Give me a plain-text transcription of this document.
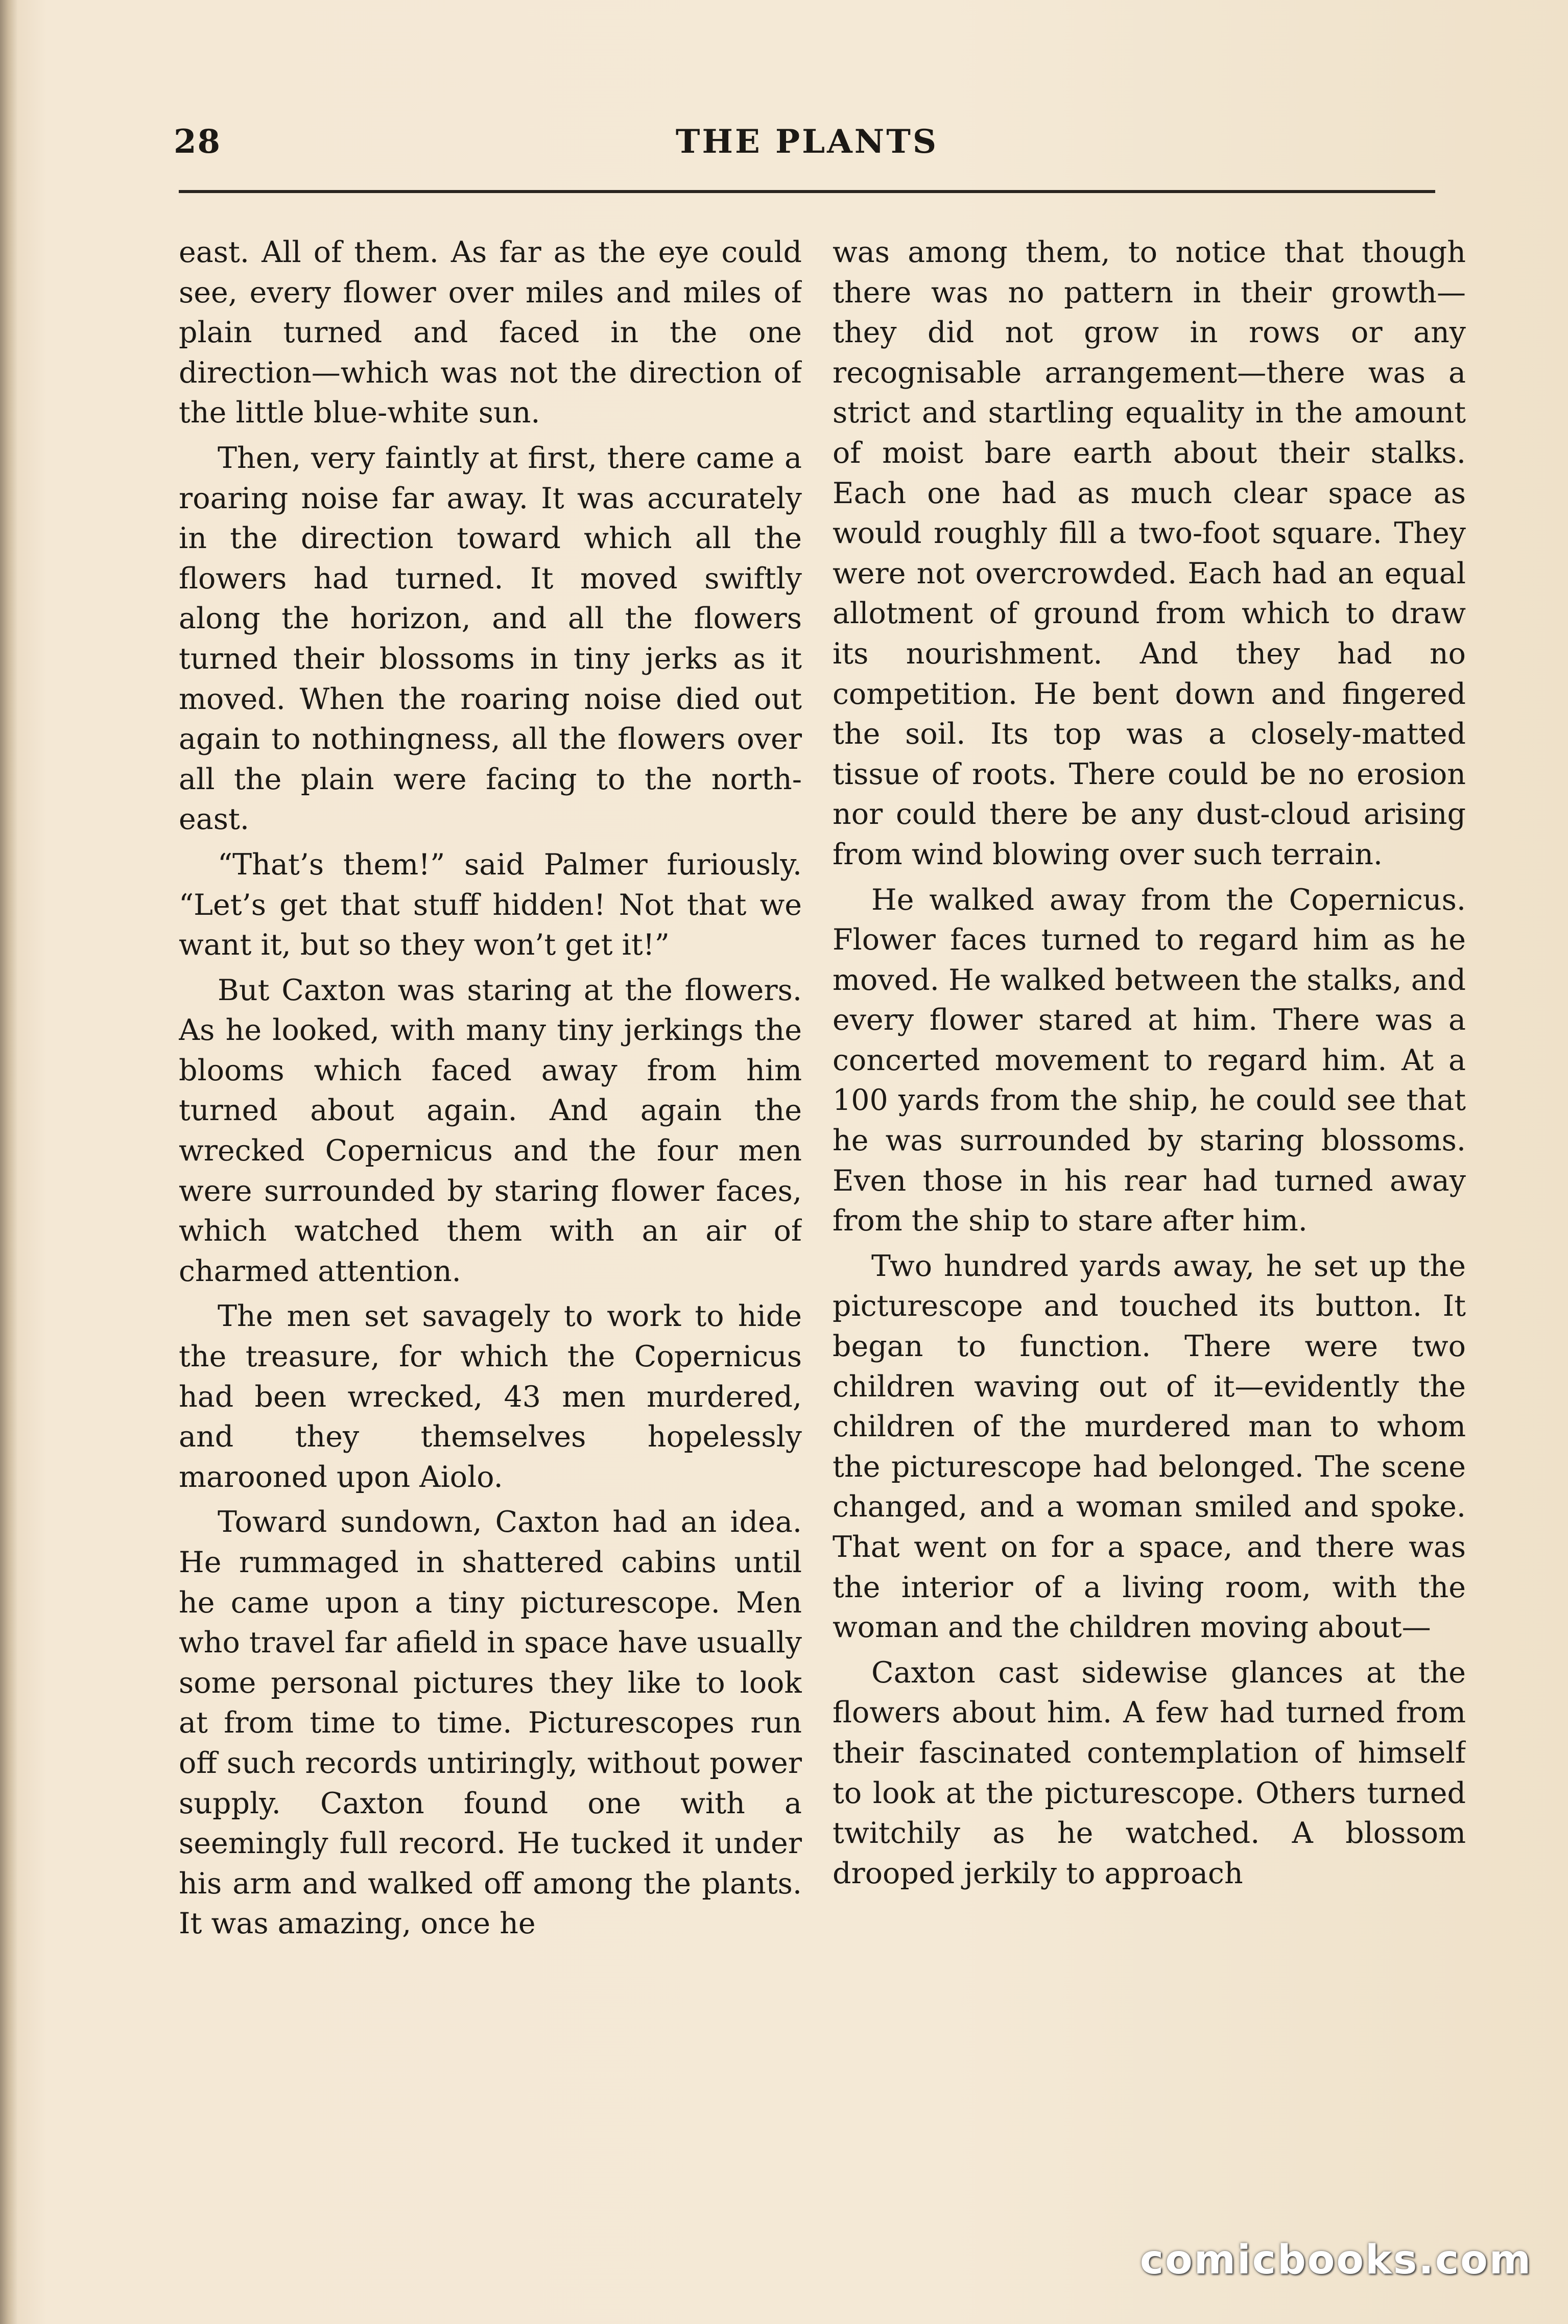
28	THE PLANTS

east. All of them. As far as the eye could see, every flower over miles and miles of plain turned and faced in the one direction—which was not the direction of the little blue-white sun.

Then, very faintly at first, there came a roaring noise far away. It was accurately in the direction toward which all the flowers had turned. It moved swiftly along the horizon, and all the flowers turned their blossoms in tiny jerks as it moved. When the roaring noise died out again to nothingness, all the flowers over all the plain were facing to the north-east.

“That’s them!” said Palmer furiously. “Let’s get that stuff hidden! Not that we want it, but so they won’t get it!”

But Caxton was staring at the flowers. As he looked, with many tiny jerkings the blooms which faced away from him turned about again. And again the wrecked Copernicus and the four men were surrounded by staring flower faces, which watched them with an air of charmed attention.

The men set savagely to work to hide the treasure, for which the Copernicus had been wrecked, 43 men murdered, and they themselves hopelessly marooned upon Aiolo.

Toward sundown, Caxton had an idea. He rummaged in shattered cabins until he came upon a tiny picturescope. Men who travel far afield in space have usually some personal pictures they like to look at from time to time. Picturescopes run off such records untiringly, without power supply. Caxton found one with a seemingly full record. He tucked it under his arm and walked off among the plants. It was amazing, once he

was among them, to notice that though there was no pattern in their growth—they did not grow in rows or any recognisable arrangement—there was a strict and startling equality in the amount of moist bare earth about their stalks. Each one had as much clear space as would roughly fill a two-foot square. They were not overcrowded. Each had an equal allotment of ground from which to draw its nourishment. And they had no competition. He bent down and fingered the soil. Its top was a closely-matted tissue of roots. There could be no erosion nor could there be any dust-cloud arising from wind blowing over such terrain.

He walked away from the Copernicus. Flower faces turned to regard him as he moved. He walked between the stalks, and every flower stared at him. There was a concerted movement to regard him. At a 100 yards from the ship, he could see that he was surrounded by staring blossoms. Even those in his rear had turned away from the ship to stare after him.

Two hundred yards away, he set up the picturescope and touched its button. It began to function. There were two children waving out of it—evidently the children of the murdered man to whom the picturescope had belonged. The scene changed, and a woman smiled and spoke. That went on for a space, and there was the interior of a living room, with the woman and the children moving about—

Caxton cast sidewise glances at the flowers about him. A few had turned from their fascinated contemplation of himself to look at the picturescope. Others turned twitchily as he watched. A blossom drooped jerkily to approach

comicbooks.com
